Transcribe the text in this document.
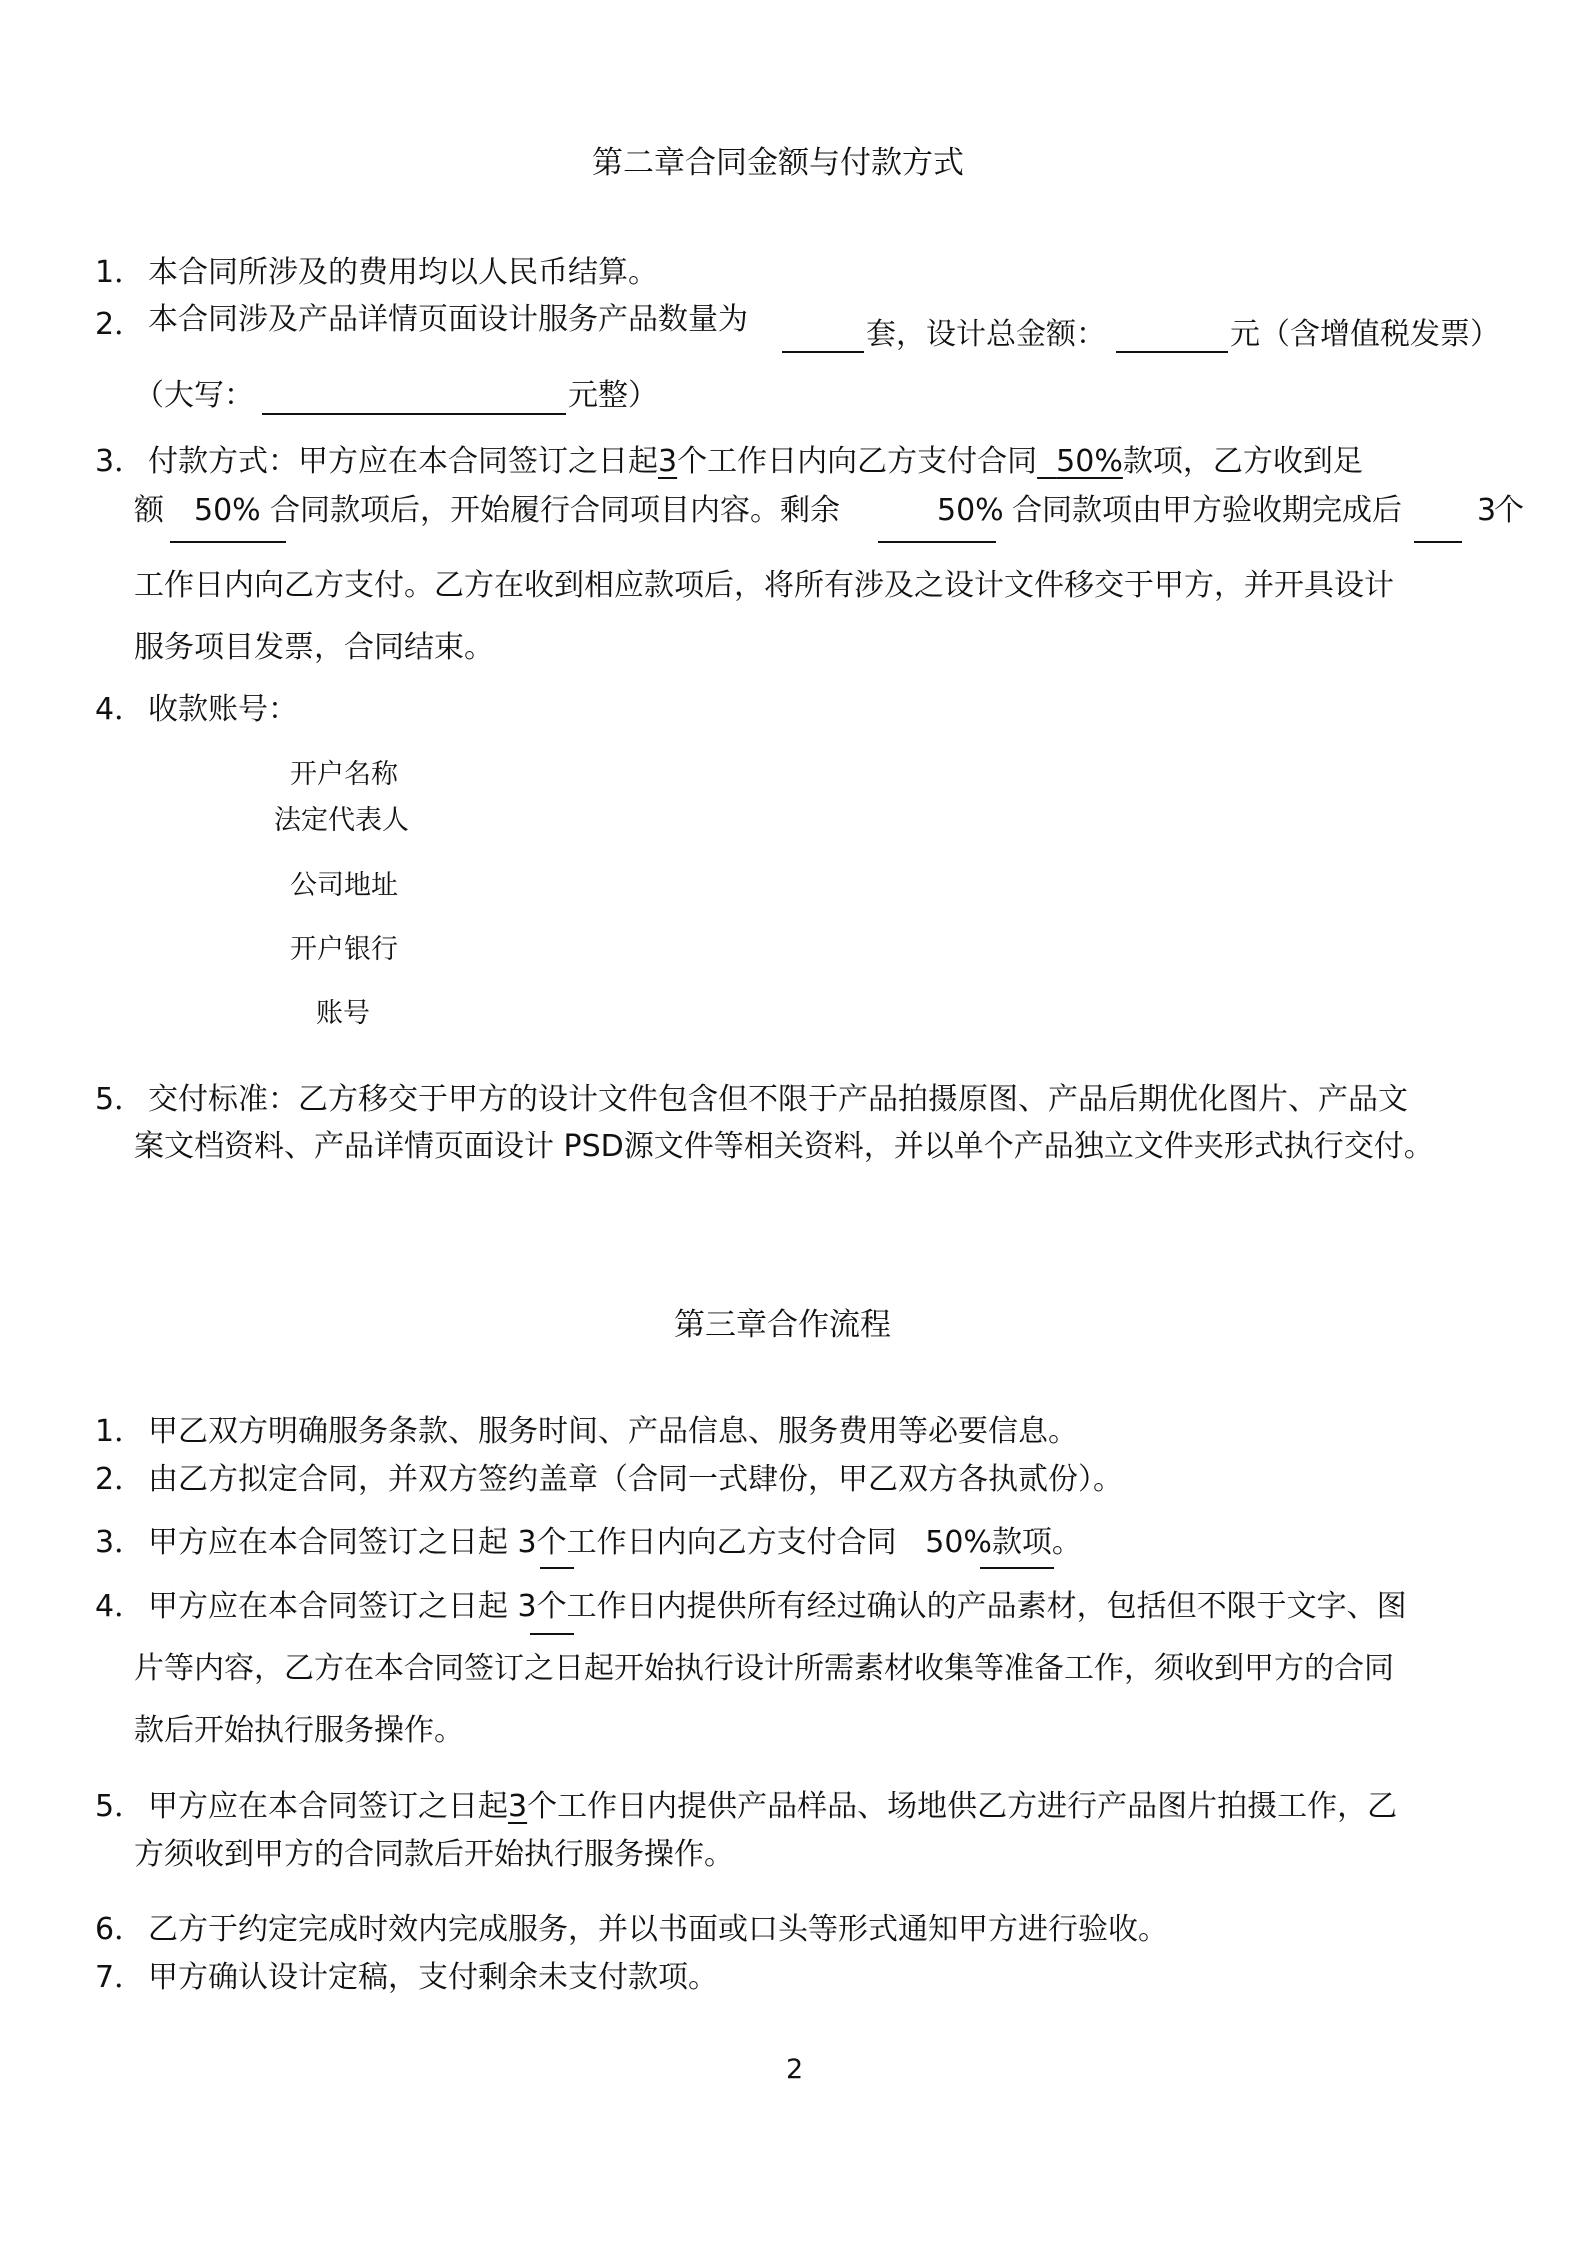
第二章合同金额与付款方式
1． 本合同所涉及的费用均以人民币结算。
2． 本合同涉及产品详情页面设计服务产品数量为	套，设计总金额：	元（含增值税发票）
（大写：	元整）
3． 付款方式：甲方应在本合同签订之日起3个工作日内向乙方支付合同 50%款项，乙方收到足
额 50% 合同款项后，开始履行合同项目内容。剩余	50% 合同款项由甲方验收期完成后	3
个
工作日内向乙方支付。乙方在收到相应款项后，将所有涉及之设计文件移交于甲方，并开具设计
服务项目发票，合同结束。
4． 收款账号：
开户名称
法定代表人
公司地址
开户银行
账号
5． 交付标准：乙方移交于甲方的设计文件包含但不限于产品拍摄原图、产品后期优化图片、产品文
案文档资料、产品详情页面设计 PSD源文件等相关资料，并以单个产品独立文件夹形式执行交付。
第三章合作流程
1． 甲乙双方明确服务条款、服务时间、产品信息、服务费用等必要信息。
2． 由乙方拟定合同，并双方签约盖章（合同一式肆份，甲乙双方各执贰份）。
3． 甲方应在本合同签订之日起 3个工作日内向乙方支付合同 50%款项。
4． 甲方应在本合同签订之日起 3个工作日内提供所有经过确认的产品素材，包括但不限于文字、图
片等内容，乙方在本合同签订之日起开始执行设计所需素材收集等准备工作，须收到甲方的合同
款后开始执行服务操作。
5． 甲方应在本合同签订之日起3个工作日内提供产品样品、场地供乙方进行产品图片拍摄工作，乙
方须收到甲方的合同款后开始执行服务操作。
6． 乙方于约定完成时效内完成服务，并以书面或口头等形式通知甲方进行验收。
7． 甲方确认设计定稿，支付剩余未支付款项。
2
